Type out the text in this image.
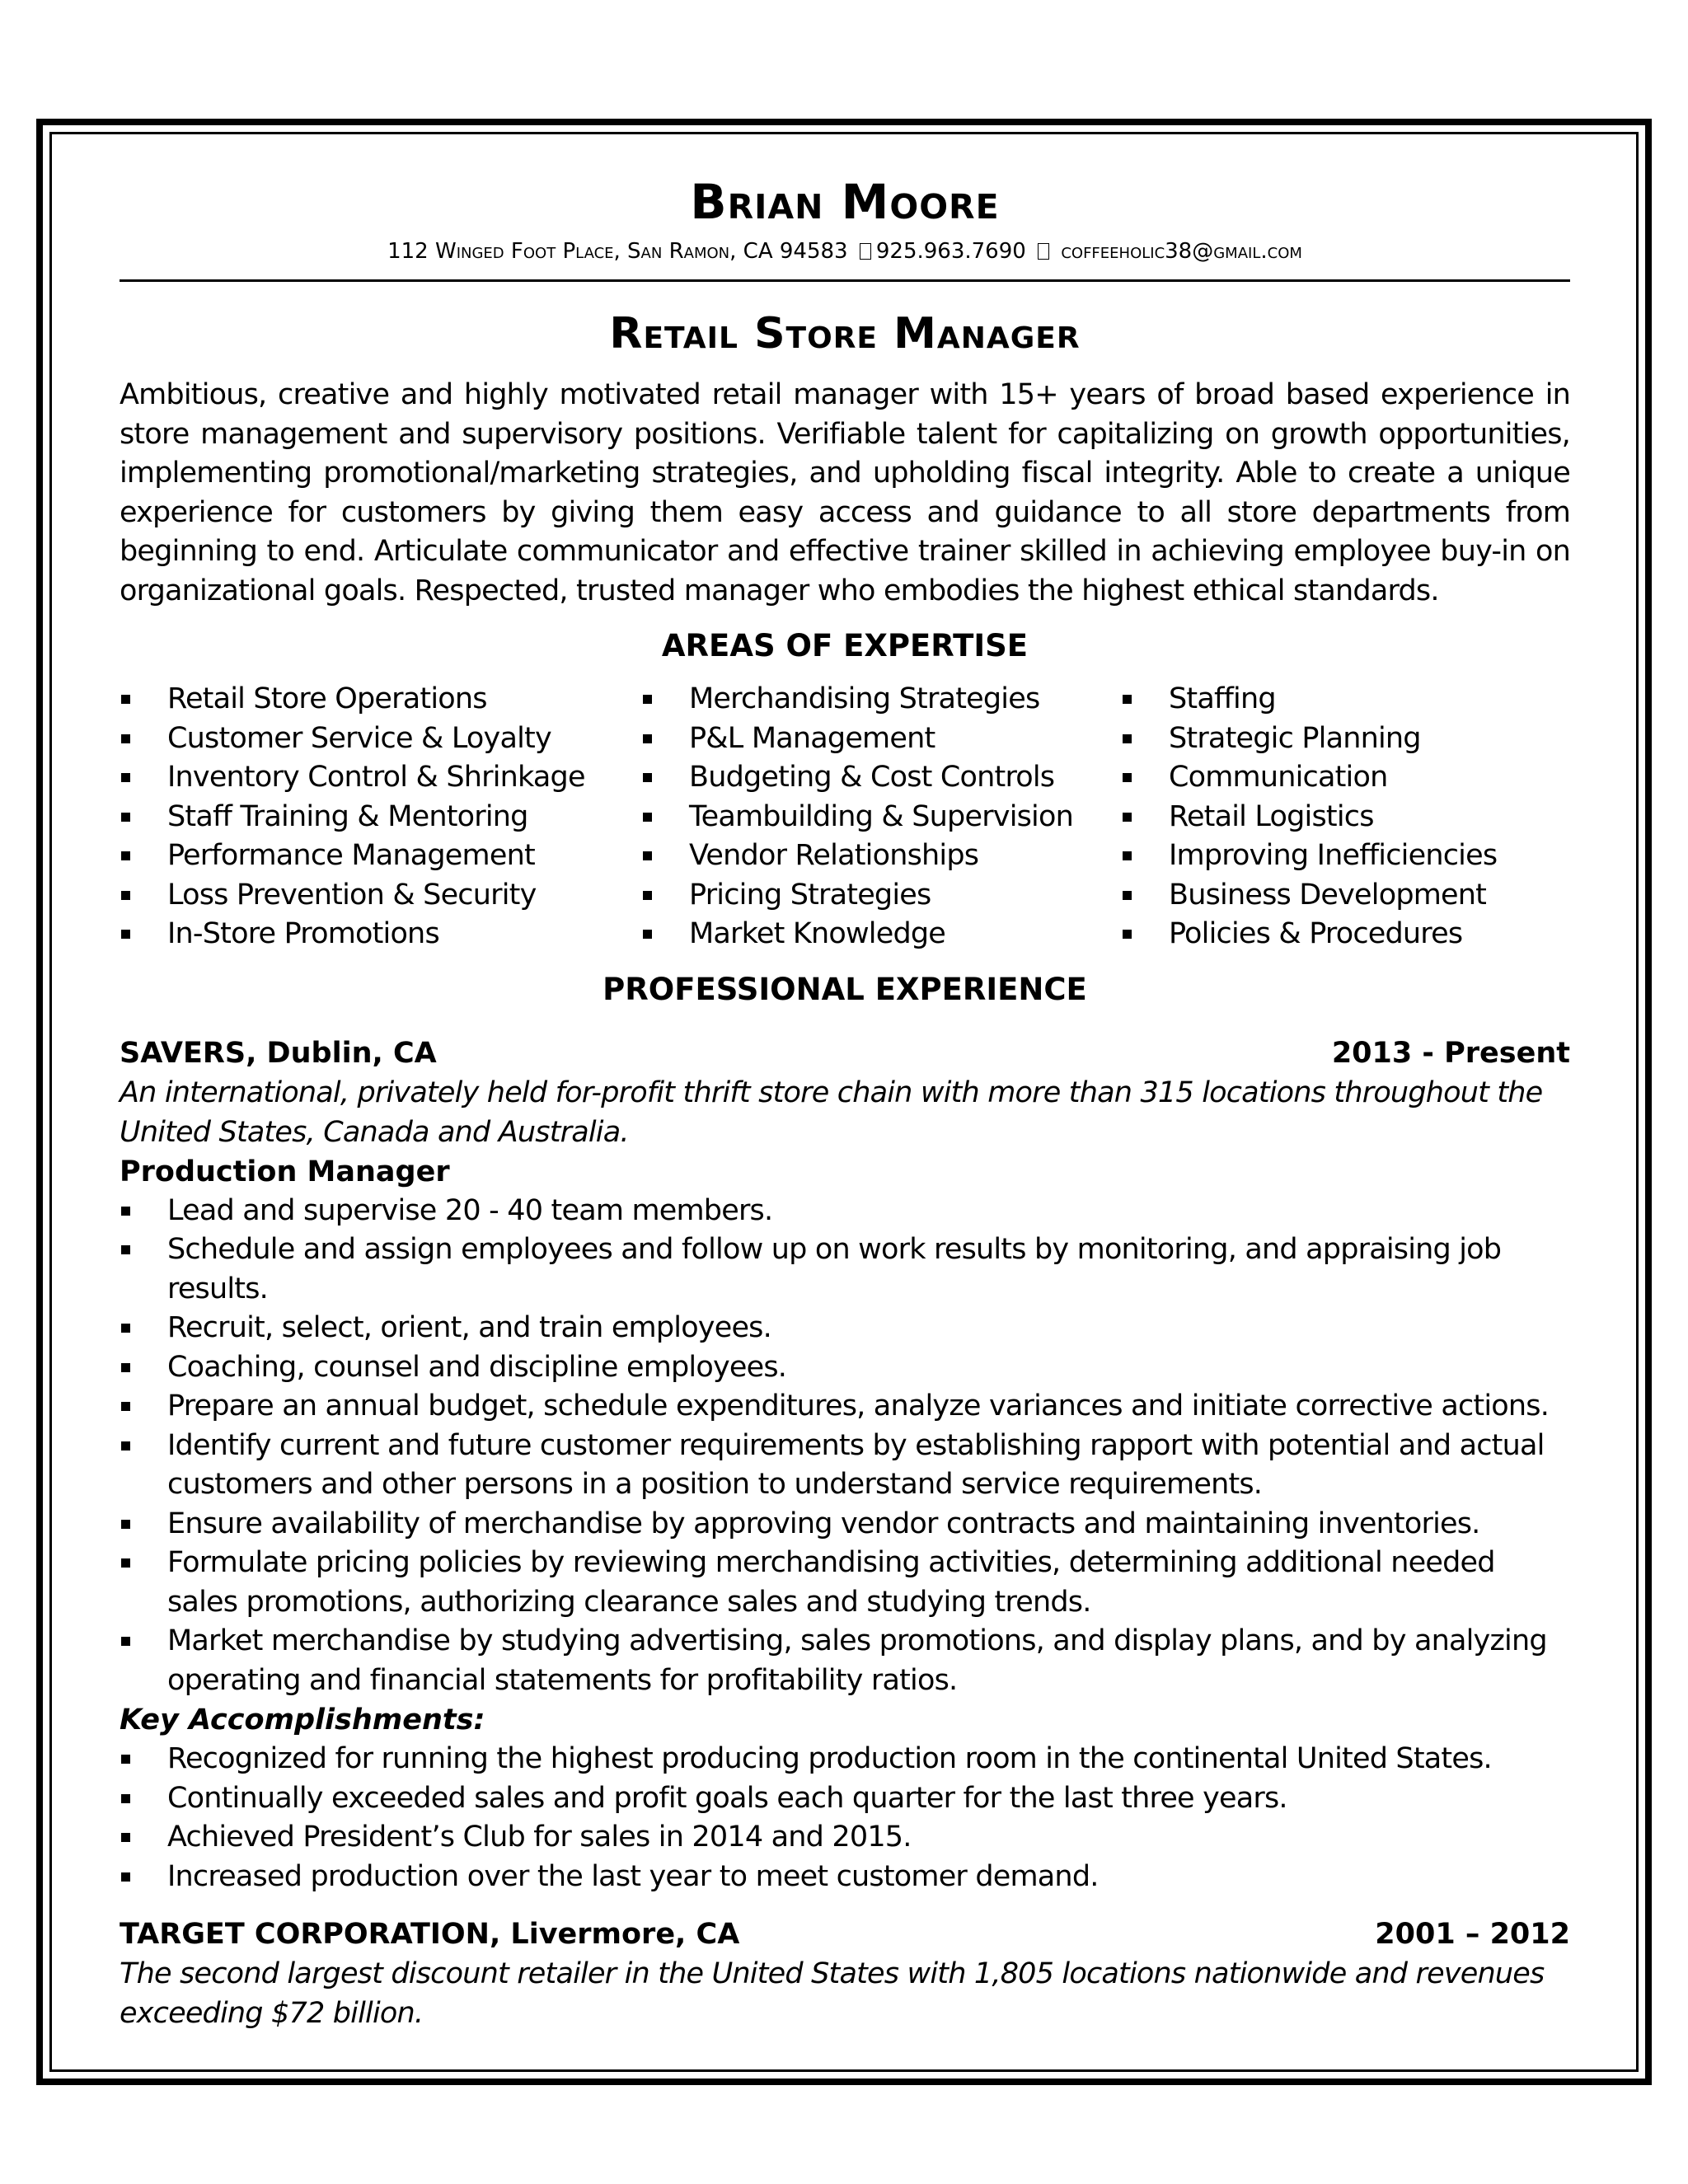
Brian Moore
112 Winged Foot Place, San Ramon, CA 94583 925.963.7690 coffeeholic38@gmail.com
Retail Store Manager
Ambitious, creative and highly motivated retail manager with 15+ years of broad based experience in store management and supervisory positions. Verifiable talent for capitalizing on growth opportunities, implementing promotional/marketing strategies, and upholding fiscal integrity. Able to create a unique experience for customers by giving them easy access and guidance to all store departments from beginning to end. Articulate communicator and effective trainer skilled in achieving employee buy-in on organizational goals. Respected, trusted manager who embodies the highest ethical standards.
AREAS OF EXPERTISE
Retail Store Operations
Customer Service & Loyalty
Inventory Control & Shrinkage
Staff Training & Mentoring
Performance Management
Loss Prevention & Security
In-Store Promotions
Merchandising Strategies
P&L Management
Budgeting & Cost Controls
Teambuilding & Supervision
Vendor Relationships
Pricing Strategies
Market Knowledge
Staffing
Strategic Planning
Communication
Retail Logistics
Improving Inefficiencies
Business Development
Policies & Procedures
PROFESSIONAL EXPERIENCE
SAVERS, Dublin, CA	2013 - Present
An international, privately held for-profit thrift store chain with more than 315 locations throughout the United States, Canada and Australia.
Production Manager
Lead and supervise 20 - 40 team members.
Schedule and assign employees and follow up on work results by monitoring, and appraising job results.
Recruit, select, orient, and train employees.
Coaching, counsel and discipline employees.
Prepare an annual budget, schedule expenditures, analyze variances and initiate corrective actions.
Identify current and future customer requirements by establishing rapport with potential and actual customers and other persons in a position to understand service requirements.
Ensure availability of merchandise by approving vendor contracts and maintaining inventories.
Formulate pricing policies by reviewing merchandising activities, determining additional needed sales promotions, authorizing clearance sales and studying trends.
Market merchandise by studying advertising, sales promotions, and display plans, and by analyzing operating and financial statements for profitability ratios.
Key Accomplishments:
Recognized for running the highest producing production room in the continental United States.
Continually exceeded sales and profit goals each quarter for the last three years.
Achieved President’s Club for sales in 2014 and 2015.
Increased production over the last year to meet customer demand.
TARGET CORPORATION, Livermore, CA	2001 – 2012
The second largest discount retailer in the United States with 1,805 locations nationwide and revenues exceeding $72 billion.
